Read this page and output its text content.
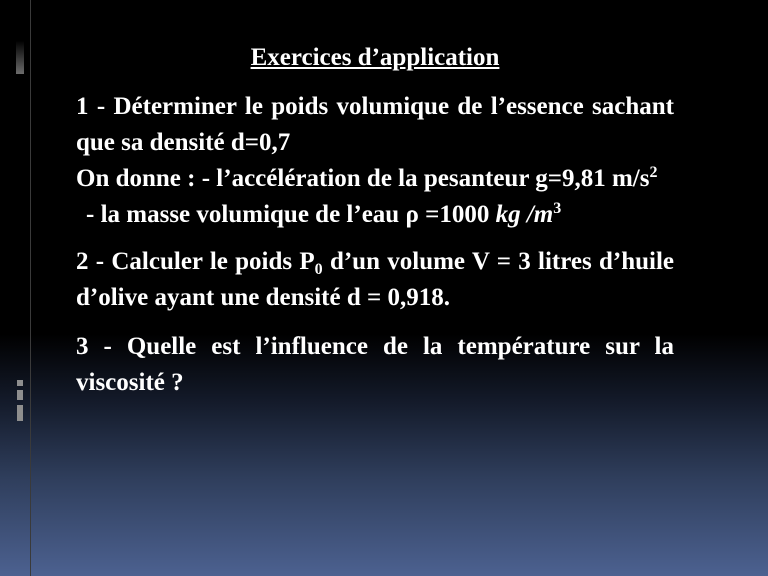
Exercices d’application
1 - Déterminer le poids volumique de l’essence sachant que sa densité d=0,7
On donne : - l’accélération de la pesanteur g=9,81 $m/s^2$
- la masse volumique de l’eau ρ =1000 kg $/m^3$
2 - Calculer le poids $P_0$ d’un volume V = 3 litres d’huile d’olive ayant une densité d = 0,918.
3 - Quelle est l’influence de la température sur la viscosité ?
